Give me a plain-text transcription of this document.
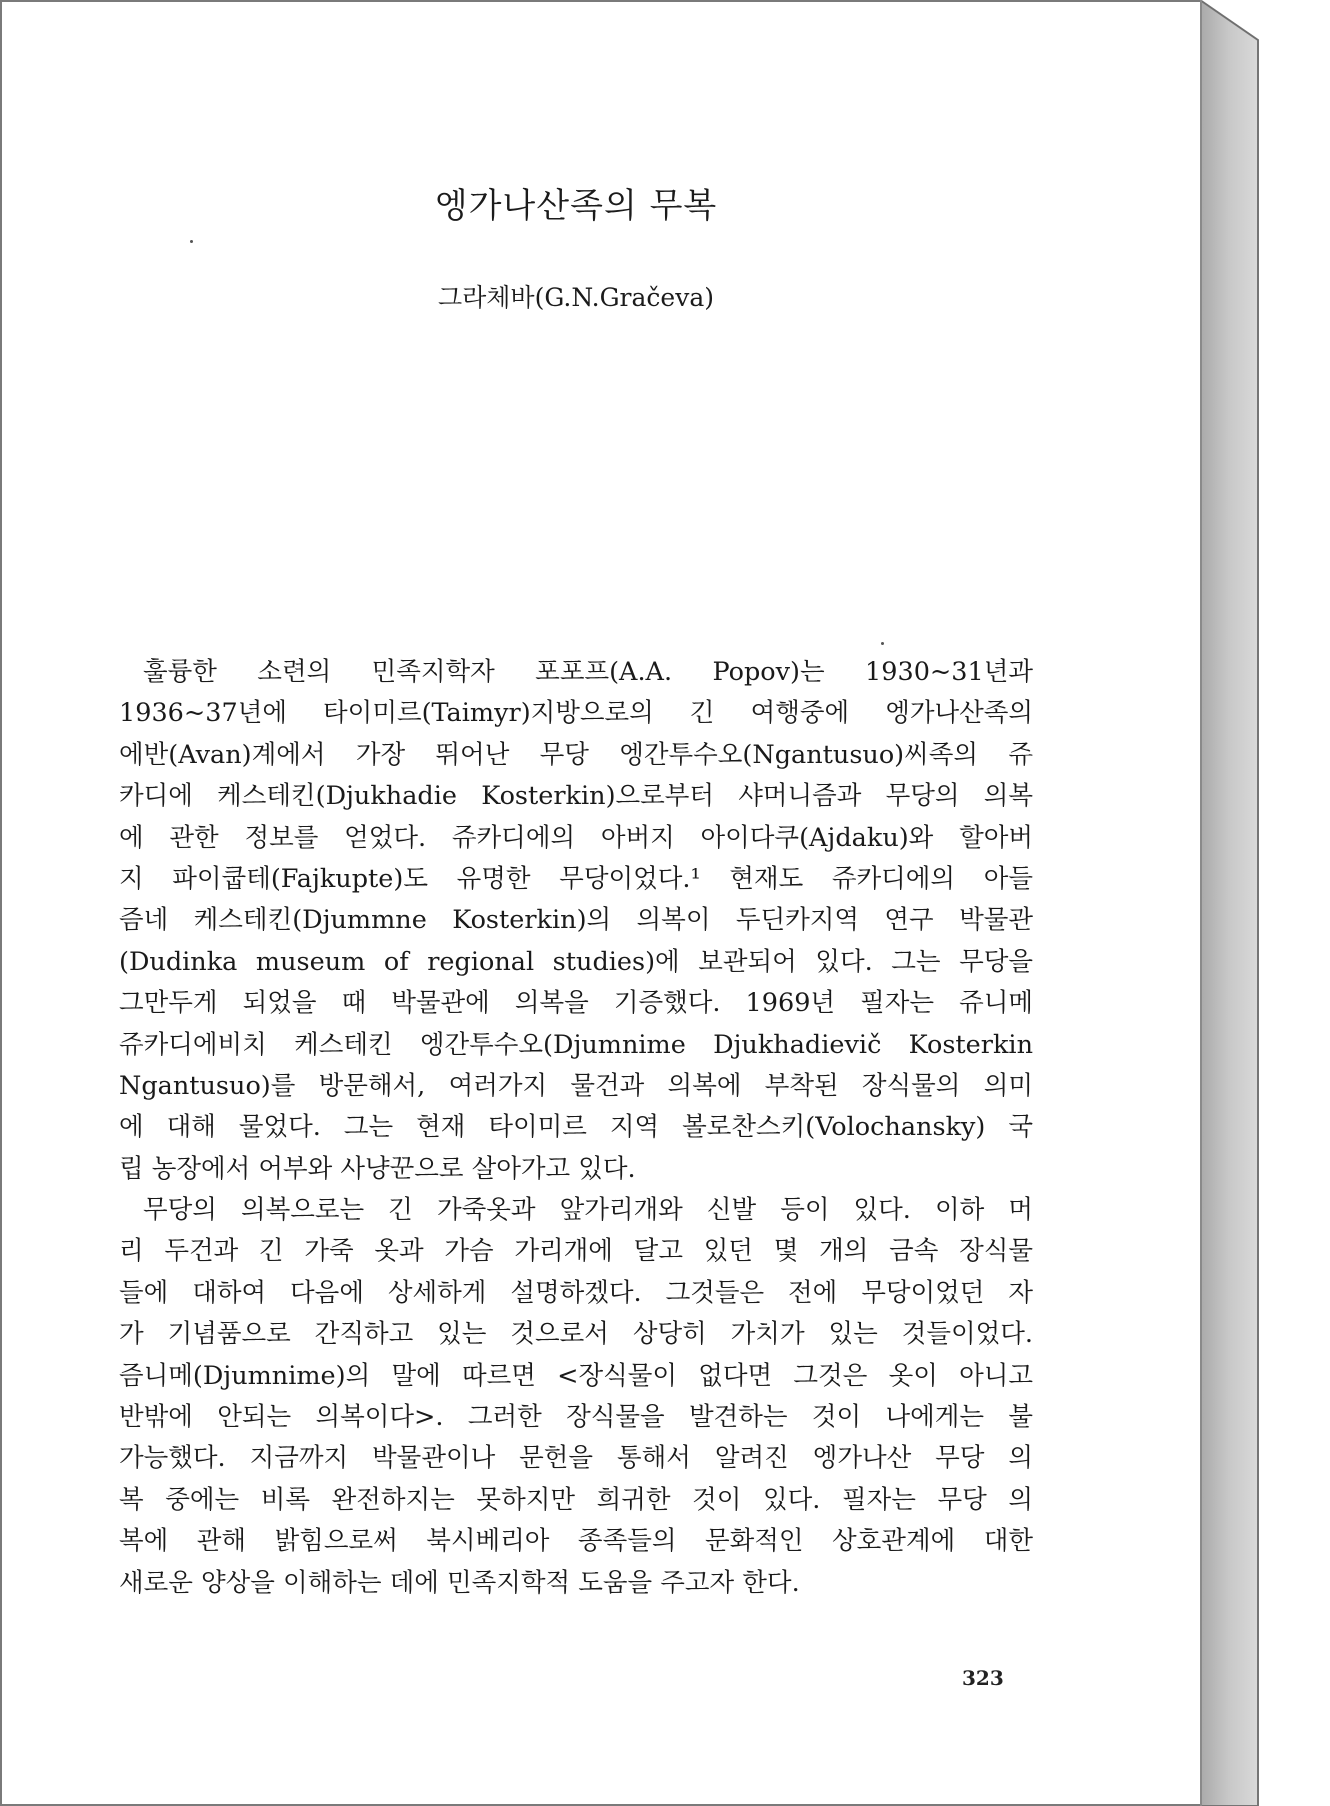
엥가나산족의 무복
그라체바(G.N.Gračeva)
훌륭한 소련의 민족지학자 포포프(A.A. Popov)는 1930~31년과
1936~37년에 타이미르(Taimyr)지방으로의 긴 여행중에 엥가나산족의
에반(Avan)계에서 가장 뛰어난 무당 엥간투수오(Ngantusuo)씨족의 쥬
카디에 케스테킨(Djukhadie Kosterkin)으로부터 샤머니즘과 무당의 의복
에 관한 정보를 얻었다. 쥬카디에의 아버지 아이다쿠(Ajdaku)와 할아버
지 파이쿱테(Fajkupte)도 유명한 무당이었다.¹ 현재도 쥬카디에의 아들
즘네 케스테킨(Djummne Kosterkin)의 의복이 두딘카지역 연구 박물관
(Dudinka museum of regional studies)에 보관되어 있다. 그는 무당을
그만두게 되었을 때 박물관에 의복을 기증했다. 1969년 필자는 쥬니메
쥬카디에비치 케스테킨 엥간투수오(Djumnime Djukhadievič Kosterkin
Ngantusuo)를 방문해서, 여러가지 물건과 의복에 부착된 장식물의 의미
에 대해 물었다. 그는 현재 타이미르 지역 볼로찬스키(Volochansky) 국
립 농장에서 어부와 사냥꾼으로 살아가고 있다.
무당의 의복으로는 긴 가죽옷과 앞가리개와 신발 등이 있다. 이하 머
리 두건과 긴 가죽 옷과 가슴 가리개에 달고 있던 몇 개의 금속 장식물
들에 대하여 다음에 상세하게 설명하겠다. 그것들은 전에 무당이었던 자
가 기념품으로 간직하고 있는 것으로서 상당히 가치가 있는 것들이었다.
즘니메(Djumnime)의 말에 따르면 <장식물이 없다면 그것은 옷이 아니고
반밖에 안되는 의복이다>. 그러한 장식물을 발견하는 것이 나에게는 불
가능했다. 지금까지 박물관이나 문헌을 통해서 알려진 엥가나산 무당 의
복 중에는 비록 완전하지는 못하지만 희귀한 것이 있다. 필자는 무당 의
복에 관해 밝힘으로써 북시베리아 종족들의 문화적인 상호관계에 대한
새로운 양상을 이해하는 데에 민족지학적 도움을 주고자 한다.
323
